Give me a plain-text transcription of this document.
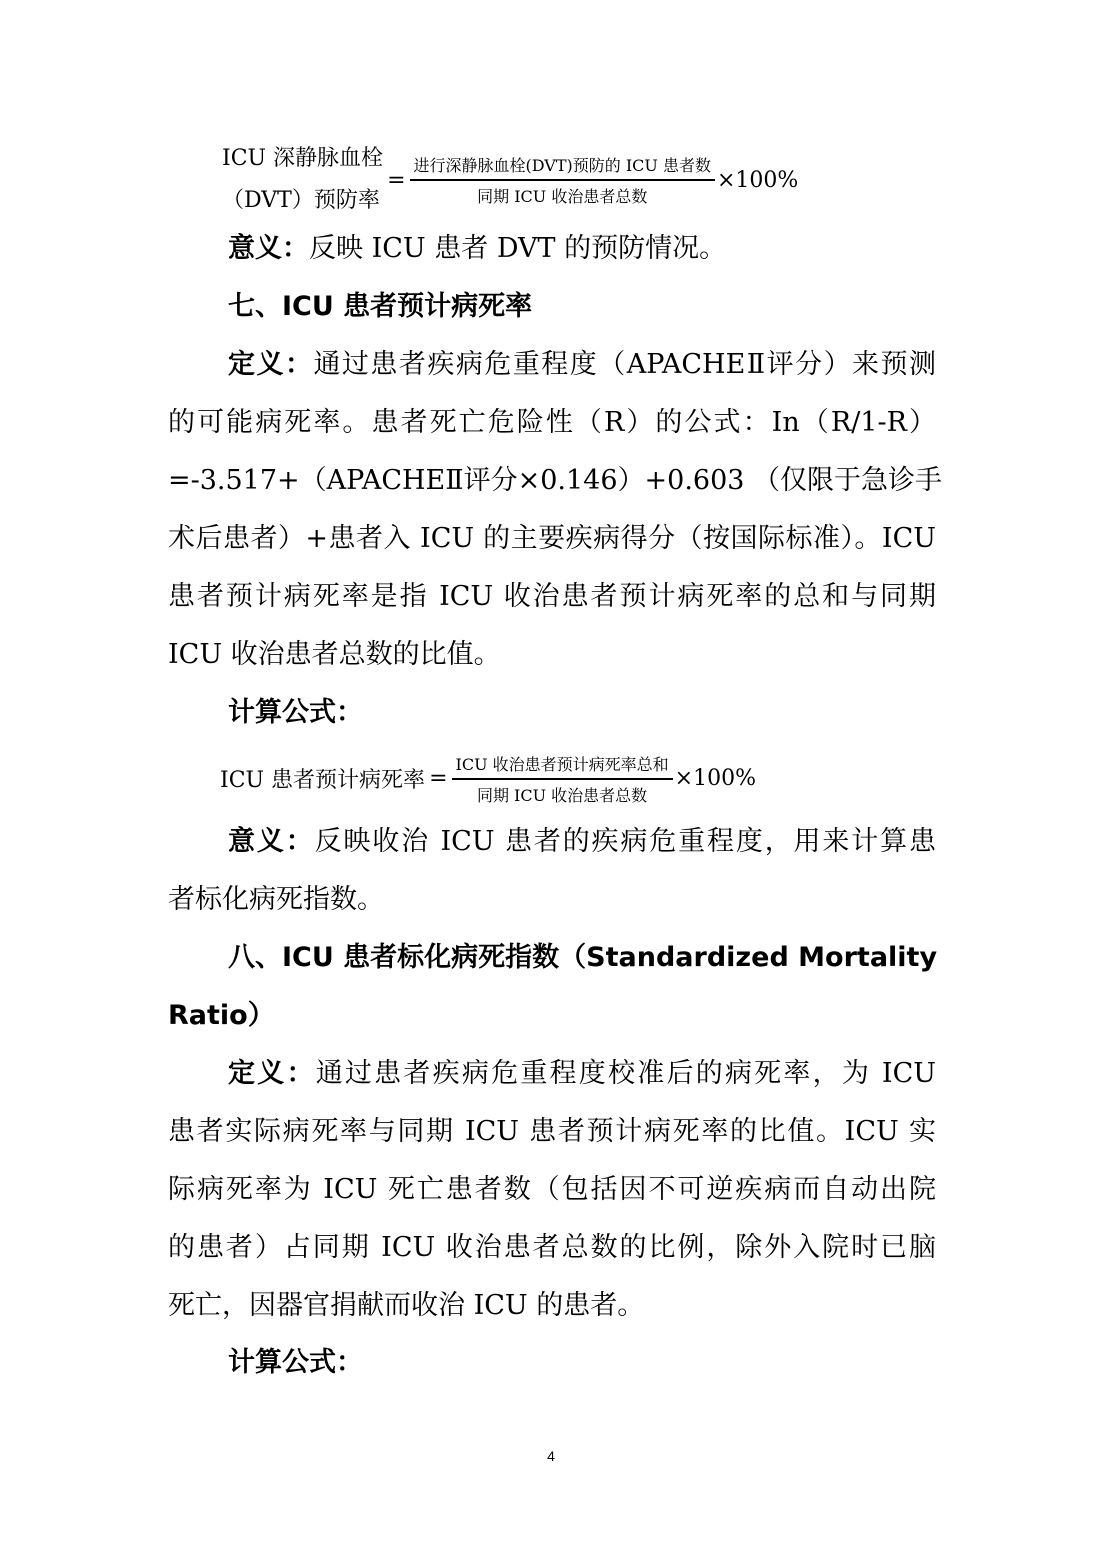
ICU 深静脉血栓
（DVT）预防率
= $\frac{\text{进行深静脉血栓(DVT)预防的 ICU 患者数}}{\text{同期 ICU 收治患者总数}} \times 100\%$
意义：反映 ICU 患者 DVT 的预防情况。
七、ICU 患者预计病死率
定义：通过患者疾病危重程度（APACHEⅡ评分）来预测
的可能病死率。患者死亡危险性（R）的公式：In（R/1-R）
=-3.517+（APACHEⅡ评分×0.146）+0.603 （仅限于急诊手
术后患者）+患者入 ICU 的主要疾病得分（按国际标准）。ICU
患者预计病死率是指 ICU 收治患者预计病死率的总和与同期
ICU 收治患者总数的比值。
计算公式：
ICU 患者预计病死率 = $\frac{\text{ICU 收治患者预计病死率总和}}{\text{同期 ICU 收治患者总数}} \times 100\%$
意义：反映收治 ICU 患者的疾病危重程度，用来计算患
者标化病死指数。
八、ICU 患者标化病死指数（Standardized Mortality
Ratio）
定义：通过患者疾病危重程度校准后的病死率，为 ICU
患者实际病死率与同期 ICU 患者预计病死率的比值。ICU 实
际病死率为 ICU 死亡患者数（包括因不可逆疾病而自动出院
的患者）占同期 ICU 收治患者总数的比例，除外入院时已脑
死亡，因器官捐献而收治 ICU 的患者。
计算公式：
4
